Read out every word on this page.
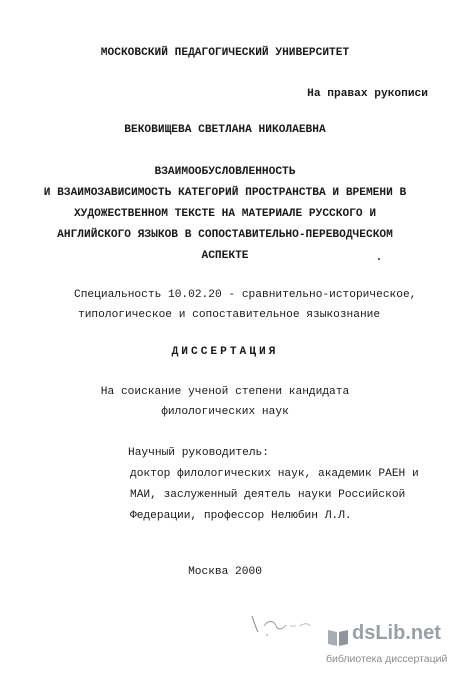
МОСКОВСКИЙ ПЕДАГОГИЧЕСКИЙ УНИВЕРСИТЕТ
На правах рукописи
ВЕКОВИЩЕВА СВЕТЛАНА НИКОЛАЕВНА
ВЗАИМООБУСЛОВЛЕННОСТЬ
И ВЗАИМОЗАВИСИМОСТЬ КАТЕГОРИЙ ПРОСТРАНСТВА И ВРЕМЕНИ В
ХУДОЖЕСТВЕННОМ ТЕКСТЕ НА МАТЕРИАЛЕ РУССКОГО И
АНГЛИЙСКОГО ЯЗЫКОВ В СОПОСТАВИТЕЛЬНО-ПЕРЕВОДЧЕСКОМ
АСПЕКТЕ
Специальность 10.02.20 - сравнительно-историческое,
типологическое и сопоставительное языкознание
ДИССЕРТАЦИЯ
На соискание ученой степени кандидата
филологических наук
Научный руководитель:
доктор филологических наук, академик РАЕН и
МАИ, заслуженный деятель науки Российской
Федерации, профессор Нелюбин Л.Л.
Москва 2000
dsLib.net
библиотека диссертаций
